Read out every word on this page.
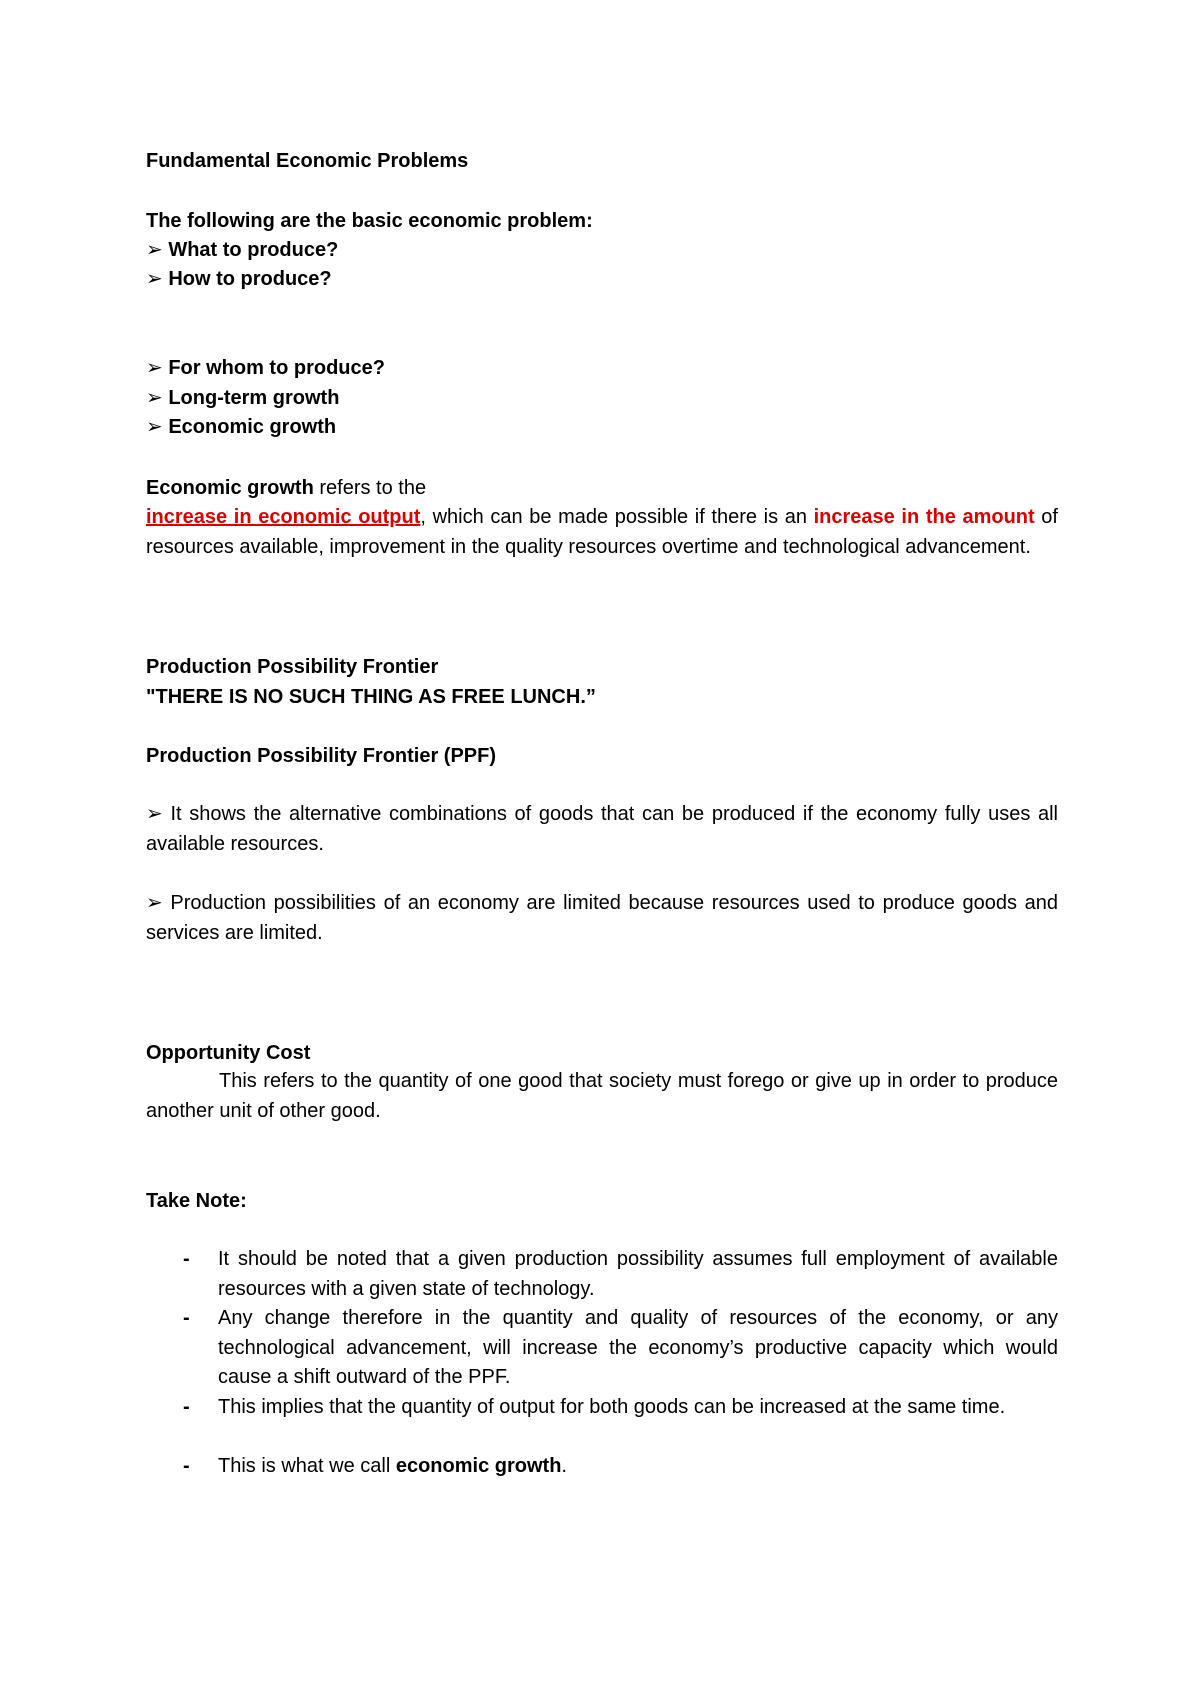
Fundamental Economic Problems
The following are the basic economic problem:
➢ What to produce?
➢ How to produce?
➢ For whom to produce?
➢ Long-term growth
➢ Economic growth
Economic growth refers to the
increase in economic output, which can be made possible if there is an increase in the amount of resources available, improvement in the quality resources overtime and technological advancement.
Production Possibility Frontier
"THERE IS NO SUCH THING AS FREE LUNCH.”
Production Possibility Frontier (PPF)
➢ It shows the alternative combinations of goods that can be produced if the economy fully uses all available resources.
➢ Production possibilities of an economy are limited because resources used to produce goods and services are limited.
Opportunity Cost
This refers to the quantity of one good that society must forego or give up in order to produce another unit of other good.
Take Note:
- It should be noted that a given production possibility assumes full employment of available resources with a given state of technology.
- Any change therefore in the quantity and quality of resources of the economy, or any technological advancement, will increase the economy’s productive capacity which would cause a shift outward of the PPF.
- This implies that the quantity of output for both goods can be increased at the same time.
- This is what we call economic growth.
